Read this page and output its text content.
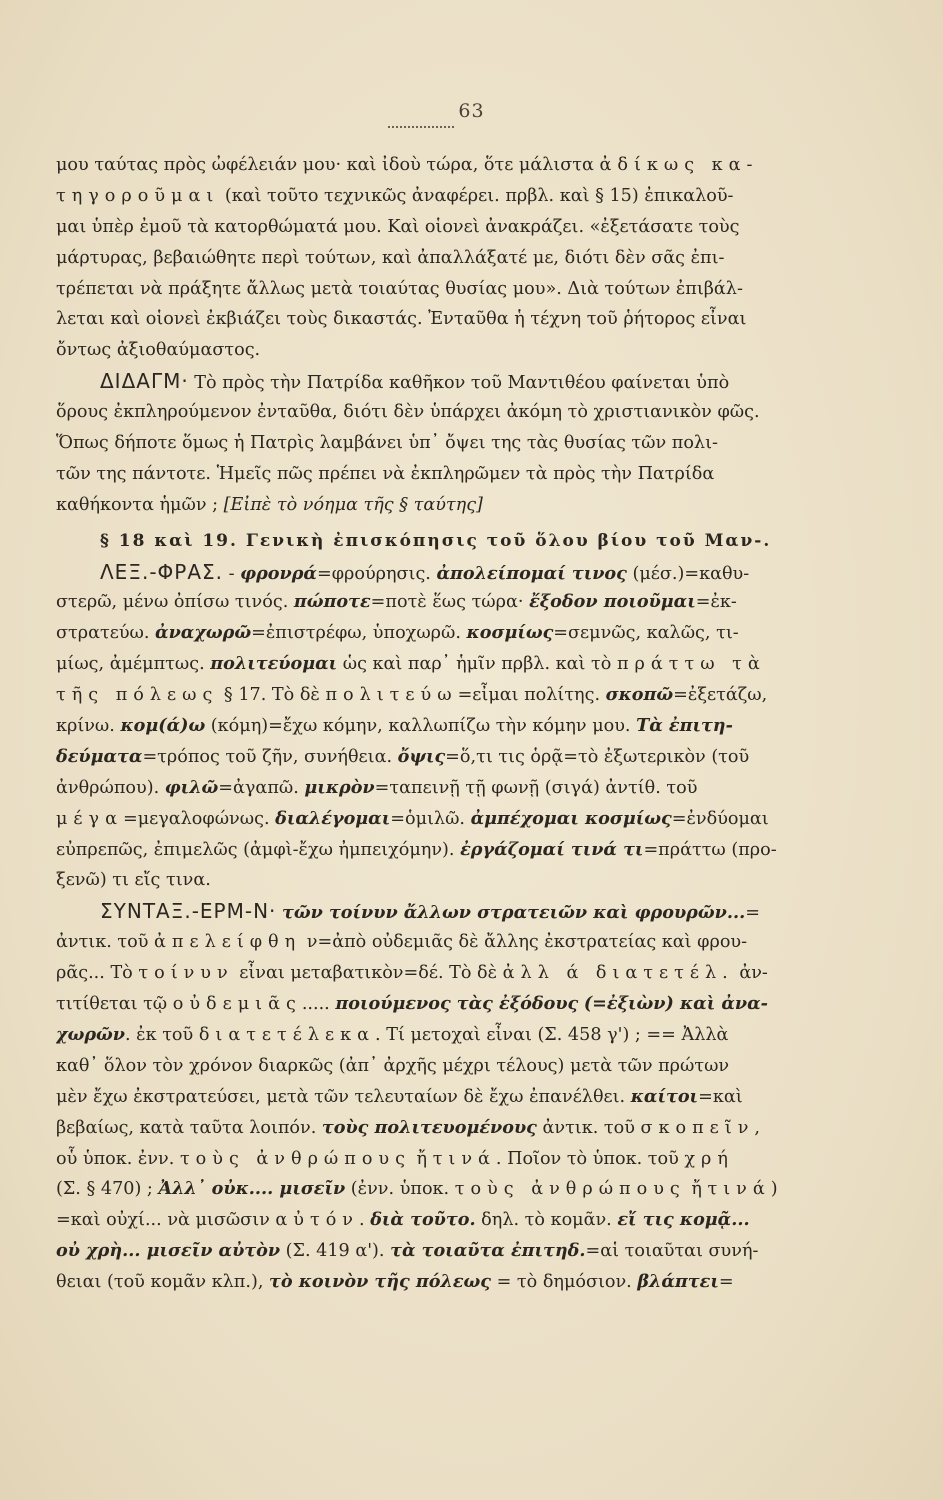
63
μου ταύτας πρὸς ὠφέλειάν μου· καὶ ἰδοὺ τώρα, ὅτε μάλιστα ἀδίκως κα-
τηγοροῦμαι (καὶ τοῦτο τεχνικῶς ἀναφέρει. πρβλ. καὶ § 15) ἐπικαλοῦ-
μαι ὑπὲρ ἐμοῦ τὰ κατορθώματά μου. Καὶ οἱονεὶ ἀνακράζει. «ἐξετάσατε τοὺς
μάρτυρας, βεβαιώθητε περὶ τούτων, καὶ ἀπαλλάξατέ με, διότι δὲν σᾶς ἐπι-
τρέπεται νὰ πράξητε ἄλλως μετὰ τοιαύτας θυσίας μου». Διὰ τούτων ἐπιβάλ-
λεται καὶ οἱονεὶ ἐκβιάζει τοὺς δικαστάς. Ἐνταῦθα ἡ τέχνη τοῦ ῥήτορος εἶναι
ὄντως ἀξιοθαύμαστος.
ΔΙΔΑΓΜ· Τὸ πρὸς τὴν Πατρίδα καθῆκον τοῦ Μαντιθέου φαίνεται ὑπὸ
ὅρους ἐκπληρούμενον ἐνταῦθα, διότι δὲν ὑπάρχει ἀκόμη τὸ χριστιανικὸν φῶς.
Ὅπως δήποτε ὅμως ἡ Πατρὶς λαμβάνει ὑπ᾿ ὄψει της τὰς θυσίας τῶν πολι-
τῶν της πάντοτε. Ἡμεῖς πῶς πρέπει νὰ ἐκπληρῶμεν τὰ πρὸς τὴν Πατρίδα
καθήκοντα ἡμῶν ; [Εἰπὲ τὸ νόημα τῆς § ταύτης]
§ 18 καὶ 19. Γενικὴ ἐπισκόπησις τοῦ ὅλου βίου τοῦ Μαν-.
ΛΕΞ.-ΦΡΑΣ. - φρονρά=φρούρησις. ἀπολείπομαί τινος (μέσ.)=καθυ-
στερῶ, μένω ὀπίσω τινός. πώποτε=ποτὲ ἕως τώρα· ἔξοδον ποιοῦμαι=ἐκ-
στρατεύω. ἀναχωρῶ=ἐπιστρέφω, ὑποχωρῶ. κοσμίως=σεμνῶς, καλῶς, τι-
μίως, ἀμέμπτως. πολιτεύομαι ὡς καὶ παρ᾿ ἡμῖν πρβλ. καὶ τὸ πράττω τὰ
τῆς πόλεως § 17. Τὸ δὲ πολιτεύω=εἶμαι πολίτης. σκοπῶ=ἐξετάζω,
κρίνω. κομ(ά)ω (κόμη)=ἔχω κόμην, καλλωπίζω τὴν κόμην μου. Τὰ ἐπιτη-
δεύματα=τρόπος τοῦ ζῆν, συνήθεια. ὄψις=ὅ,τι τις ὁρᾷ=τὸ ἐξωτερικὸν (τοῦ
ἀνθρώπου). φιλῶ=ἀγαπῶ. μικρὸν=ταπεινῇ τῇ φωνῇ (σιγά) ἀντίθ. τοῦ
μέγα=μεγαλοφώνως. διαλέγομαι=ὁμιλῶ. ἀμπέχομαι κοσμίως=ἐνδύομαι
εὐπρεπῶς, ἐπιμελῶς (ἀμφὶ-ἔχω ἠμπειχόμην). ἐργάζομαί τινά τι=πράττω (προ-
ξενῶ) τι εἴς τινα.
ΣΥΝΤΑΞ.-ΕΡΜ-Ν· τῶν τοίνυν ἄλλων στρατειῶν καὶ φρουρῶν...=
ἀντικ. τοῦ ἀπελείφθη ν=ἀπὸ οὐδεμιᾶς δὲ ἄλλης ἐκστρατείας καὶ φρου-
ρᾶς... Τὸ τοίνυν εἶναι μεταβατικὸν=δέ. Τὸ δὲ ἀλλ ά διατετέλ. ἀν-
τιτίθεται τῷ οὐδεμιᾶς..... ποιούμενος τὰς ἐξόδους (=ἐξιὼν) καὶ ἀνα-
χωρῶν. ἐκ τοῦ διατετέλεκα. Τί μετοχαὶ εἶναι (Σ. 458 γ') ; == Ἀλλὰ
καθ᾿ ὅλον τὸν χρόνον διαρκῶς (ἀπ᾿ ἀρχῆς μέχρι τέλους) μετὰ τῶν πρώτων
μὲν ἔχω ἐκστρατεύσει, μετὰ τῶν τελευταίων δὲ ἔχω ἐπανέλθει. καίτοι=καὶ
βεβαίως, κατὰ ταῦτα λοιπόν. τοὺς πολιτευομένους ἀντικ. τοῦ σκοπεῖν,
οὗ ὑποκ. ἐνν. τοὺς ἀνθρώπους ἤ τινά. Ποῖον τὸ ὑποκ. τοῦ χρή
(Σ. § 470) ; Ἀλλ᾿ οὐκ.... μισεῖν (ἐνν. ὑποκ. τοὺς ἀνθρώπους ἤ τινά)
=καὶ οὐχί... νὰ μισῶσιν αὐτόν. διὰ τοῦτο. δηλ. τὸ κομᾶν. εἴ τις κομᾷ...
οὐ χρὴ... μισεῖν αὐτὸν (Σ. 419 α'). τὰ τοιαῦτα ἐπιτηδ.=αἱ τοιαῦται συνή-
θειαι (τοῦ κομᾶν κλπ.), τὸ κοινὸν τῆς πόλεως = τὸ δημόσιον. βλάπτει=
